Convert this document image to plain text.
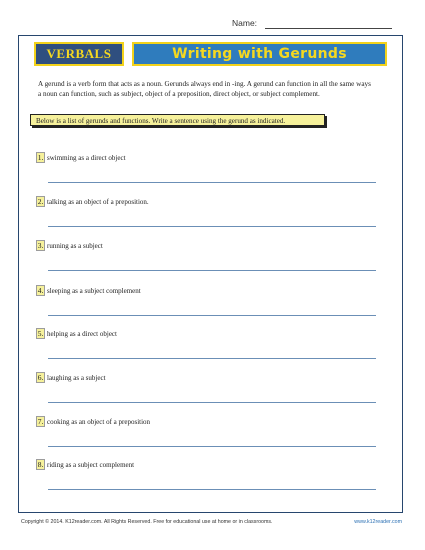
Name:
VERBALS	Writing with Gerunds
A gerund is a verb form that acts as a noun. Gerunds always end in -ing. A gerund can function in all the same ways a noun can function, such as subject, object of a preposition, direct object, or subject complement.
Below is a list of gerunds and functions. Write a sentence using the gerund as indicated.
1. swimming as a direct object
2. talking as an object of a preposition.
3. running as a subject
4. sleeping as a subject complement
5. helping as a direct object
6. laughing as a subject
7. cooking as an object of a preposition
8. riding as a subject complement
Copyright © 2014. K12reader.com. All Rights Reserved. Free for educational use at home or in classrooms.	www.k12reader.com
